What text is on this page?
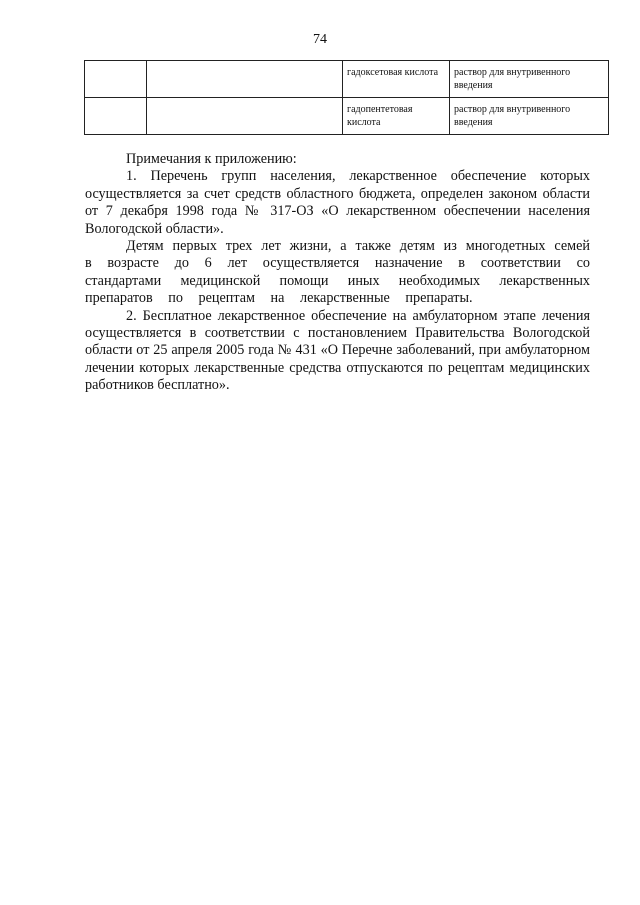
74
		гадоксетовая кислота	раствор для внутривенного введения
		гадопентетовая кислота	раствор для внутривенного введения

Примечания к приложению:

1. Перечень групп населения, лекарственное обеспечение которых осуществляется за счет средств областного бюджета, определен законом области от 7 декабря 1998 года № 317-ОЗ «О лекарственном обеспечении населения Вологодской области».

Детям первых трех лет жизни, а также детям из многодетных семей

в возрасте до 6 лет осуществляется назначение в соответствии со стандартами медицинской помощи иных необходимых лекарственных препаратов по рецептам на лекарственные препараты.

2. Бесплатное лекарственное обеспечение на амбулаторном этапе лечения осуществляется в соответствии с постановлением Правительства Вологодской области от 25 апреля 2005 года № 431 «О Перечне заболеваний, при амбулаторном лечении которых лекарственные средства отпускаются по рецептам медицинских работников бесплатно».
